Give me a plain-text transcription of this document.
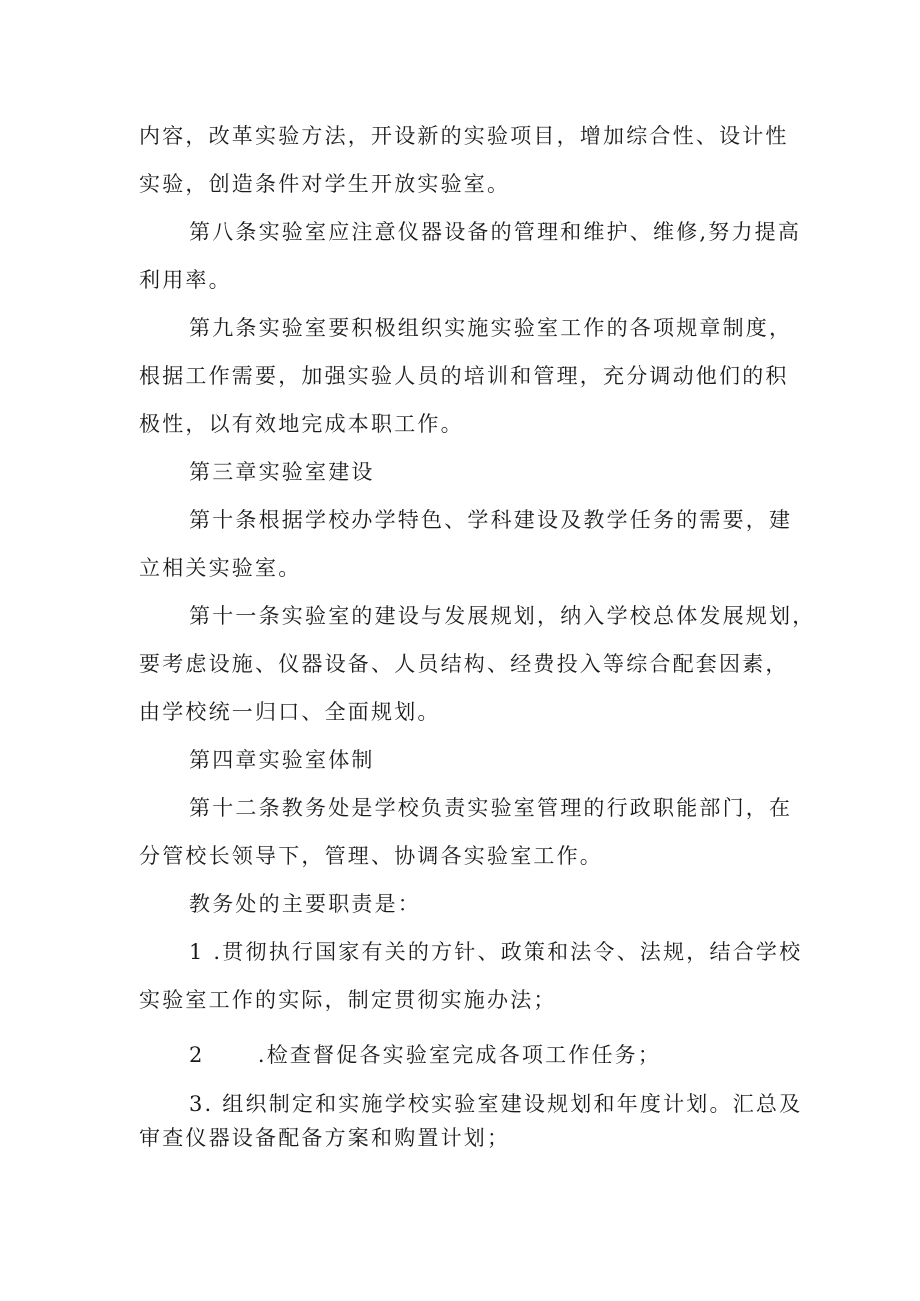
内容，改革实验方法，开设新的实验项目，增加综合性、设计性
实验，创造条件对学生开放实验室。
第八条实验室应注意仪器设备的管理和维护、维修,努力提高
利用率。
第九条实验室要积极组织实施实验室工作的各项规章制度，
根据工作需要，加强实验人员的培训和管理，充分调动他们的积
极性，以有效地完成本职工作。
第三章实验室建设
第十条根据学校办学特色、学科建设及教学任务的需要，建
立相关实验室。
第十一条实验室的建设与发展规划，纳入学校总体发展规划，
要考虑设施、仪器设备、人员结构、经费投入等综合配套因素，
由学校统一归口、全面规划。
第四章实验室体制
第十二条教务处是学校负责实验室管理的行政职能部门，在
分管校长领导下，管理、协调各实验室工作。
教务处的主要职责是：
1 .贯彻执行国家有关的方针、政策和法令、法规，结合学校
实验室工作的实际，制定贯彻实施办法；
2      .检查督促各实验室完成各项工作任务；
3. 组织制定和实施学校实验室建设规划和年度计划。汇总及
审查仪器设备配备方案和购置计划；
